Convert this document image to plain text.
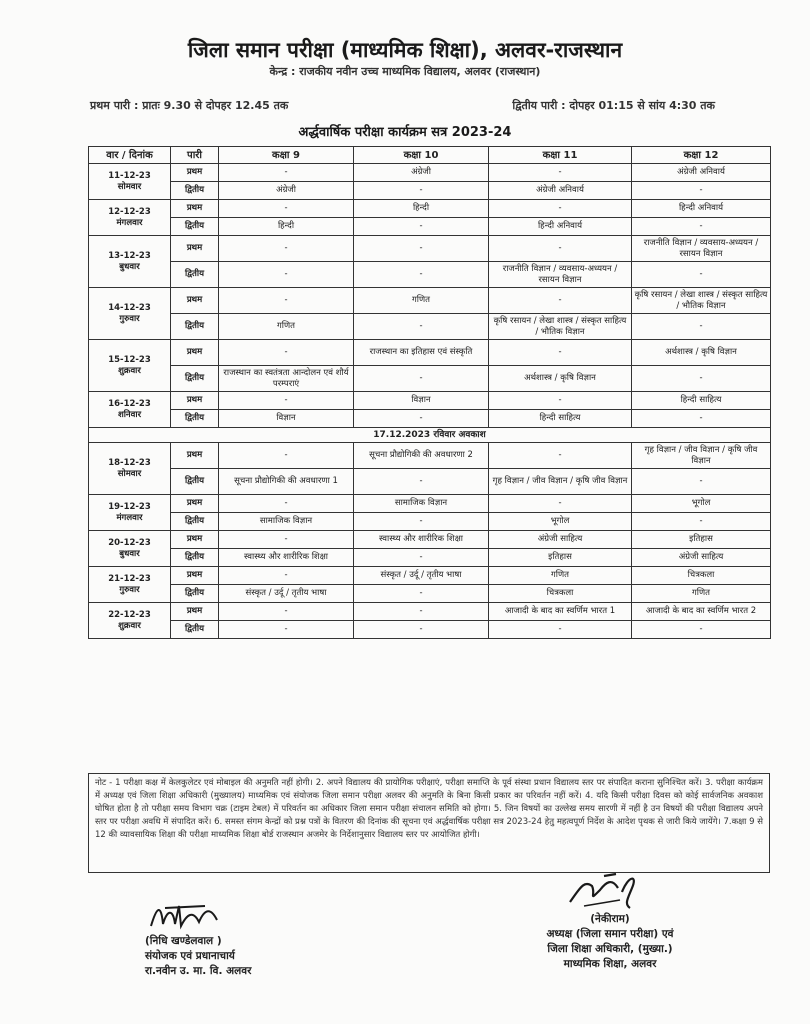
जिला समान परीक्षा (माध्यमिक शिक्षा), अलवर-राजस्थान
केन्द्र : राजकीय नवीन उच्च माध्यमिक विद्यालय, अलवर (राजस्थान)
प्रथम पारी : प्रातः 9.30 से दोपहर 12.45 तक	द्वितीय पारी : दोपहर 01:15 से सांय 4:30 तक
अर्द्धवार्षिक परीक्षा कार्यक्रम सत्र 2023-24
वार / दिनांक	पारी	कक्षा 9	कक्षा 10	कक्षा 11	कक्षा 12

11-12-23
सोमवार	प्रथम	-	अंग्रेजी	-	अंग्रेजी अनिवार्य
	द्वितीय	अंग्रेजी	-	अंग्रेजी अनिवार्य	-

12-12-23
मंगलवार	प्रथम	-	हिन्दी	-	हिन्दी अनिवार्य
	द्वितीय	हिन्दी	-	हिन्दी अनिवार्य	-

13-12-23
बुधवार	प्रथम	-	-	-	राजनीति विज्ञान / व्यवसाय-अध्ययन / रसायन विज्ञान
	द्वितीय	-	-	राजनीति विज्ञान / व्यवसाय-अध्ययन / रसायन विज्ञान	-

14-12-23
गुरुवार	प्रथम	-	गणित	-	कृषि रसायन / लेखा शास्त्र / संस्कृत साहित्य / भौतिक विज्ञान
	द्वितीय	गणित	-	कृषि रसायन / लेखा शास्त्र / संस्कृत साहित्य / भौतिक विज्ञान	-

15-12-23
शुक्रवार	प्रथम	-	राजस्थान का इतिहास एवं संस्कृति	-	अर्थशास्त्र / कृषि विज्ञान
	द्वितीय	राजस्थान का स्वतंत्रता आन्दोलन एवं शौर्य परम्पराएं	-	अर्थशास्त्र / कृषि विज्ञान	-

16-12-23
शनिवार	प्रथम	-	विज्ञान	-	हिन्दी साहित्य
	द्वितीय	विज्ञान	-	हिन्दी साहित्य	-
17.12.2023 रविवार अवकाश					

18-12-23
सोमवार	प्रथम	-	सूचना प्रौद्योगिकी की अवधारणा 2	-	गृह विज्ञान / जीव विज्ञान / कृषि जीव विज्ञान
	द्वितीय	सूचना प्रौद्योगिकी की अवधारणा 1	-	गृह विज्ञान / जीव विज्ञान / कृषि जीव विज्ञान	-

19-12-23
मंगलवार	प्रथम	-	सामाजिक विज्ञान	-	भूगोल
	द्वितीय	सामाजिक विज्ञान	-	भूगोल	-

20-12-23
बुधवार	प्रथम	-	स्वास्थ्य और शारीरिक शिक्षा	अंग्रेजी साहित्य	इतिहास
	द्वितीय	स्वास्थ्य और शारीरिक शिक्षा	-	इतिहास	अंग्रेजी साहित्य

21-12-23
गुरुवार	प्रथम	-	संस्कृत / उर्दू / तृतीय भाषा	गणित	चित्रकला
	द्वितीय	संस्कृत / उर्दू / तृतीय भाषा	-	चित्रकला	गणित

22-12-23
शुक्रवार	प्रथम	-	-	आजादी के बाद का स्वर्णिम भारत 1	आजादी के बाद का स्वर्णिम भारत 2
	द्वितीय	-	-	-	-
नोट - 1 परीक्षा कक्ष में केलकुलेटर एवं मोबाइल की अनुमति नहीं होगी। 2. अपने विद्यालय की प्रायोगिक परीक्षाएं, परीक्षा समाप्ति के पूर्व संस्था प्रधान विद्यालय स्तर पर संपादित कराना सुनिश्चित करें। 3. परीक्षा कार्यक्रम में अध्यक्ष एवं जिला शिक्षा अधिकारी (मुख्यालय) माध्यमिक एवं संयोजक जिला समान परीक्षा अलवर की अनुमति के बिना किसी प्रकार का परिवर्तन नहीं करें। 4. यदि किसी परीक्षा दिवस को कोई सार्वजनिक अवकाश घोषित होता है तो परीक्षा समय विभाग चक्र (टाइम टेबल) में परिवर्तन का अधिकार जिला समान परीक्षा संचालन समिति को होगा। 5. जिन विषयों का उल्लेख समय सारणी में नहीं है उन विषयों की परीक्षा विद्यालय अपने स्तर पर परीक्षा अवधि में संपादित करें। 6. समस्त संगम केन्द्रों को प्रश्न पत्रों के वितरण की दिनांक की सूचना एवं अर्द्धवार्षिक परीक्षा सत्र 2023-24 हेतु महत्वपूर्ण निर्देश के आदेश पृथक से जारी किये जायेंगे। 7.कक्षा 9 से 12 की व्यावसायिक शिक्षा की परीक्षा माध्यमिक शिक्षा बोर्ड राजस्थान अजमेर के निर्देशानुसार विद्यालय स्तर पर आयोजित होगी।
(निधि खण्डेलवाल )
संयोजक एवं प्रधानाचार्य
रा.नवीन उ. मा. वि. अलवर
(नेकीराम)
अध्यक्ष (जिला समान परीक्षा) एवं
जिला शिक्षा अधिकारी, (मुख्या.)
माध्यमिक शिक्षा, अलवर
